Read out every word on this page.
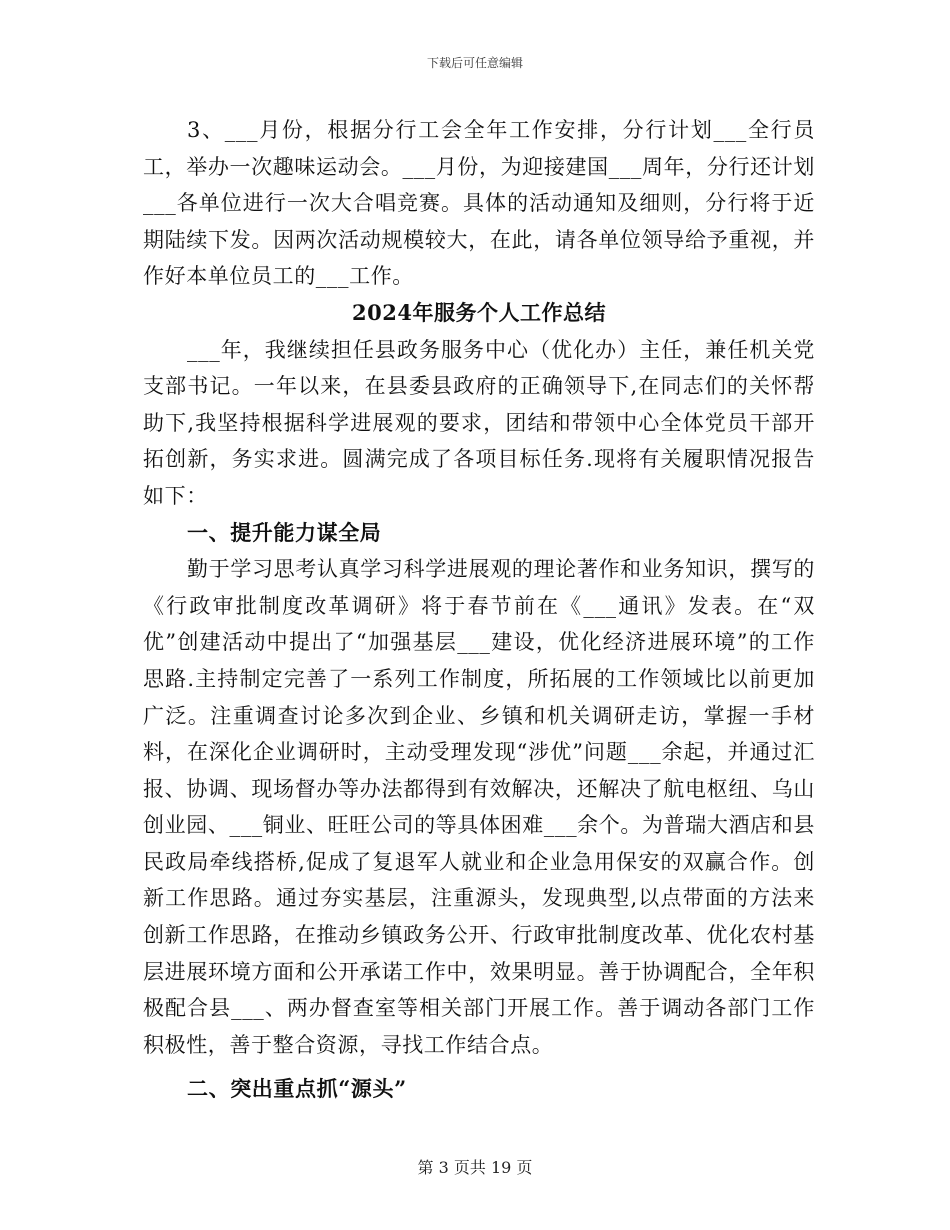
下载后可任意编辑

3、___月份，根据分行工会全年工作安排，分行计划___全行员工，举办一次趣味运动会。___月份，为迎接建国___周年，分行还计划___各单位进行一次大合唱竞赛。具体的活动通知及细则，分行将于近期陆续下发。因两次活动规模较大，在此，请各单位领导给予重视，并作好本单位员工的___工作。

2024年服务个人工作总结

___年，我继续担任县政务服务中心（优化办）主任，兼任机关党支部书记。一年以来，在县委县政府的正确领导下,在同志们的关怀帮助下,我坚持根据科学进展观的要求，团结和带领中心全体党员干部开拓创新，务实求进。圆满完成了各项目标任务.现将有关履职情况报告如下：

一、提升能力谋全局

勤于学习思考认真学习科学进展观的理论著作和业务知识，撰写的《行政审批制度改革调研》将于春节前在《___通讯》发表。在“双优”创建活动中提出了“加强基层___建设，优化经济进展环境”的工作思路.主持制定完善了一系列工作制度，所拓展的工作领域比以前更加广泛。注重调查讨论多次到企业、乡镇和机关调研走访，掌握一手材料，在深化企业调研时，主动受理发现“涉优”问题___余起，并通过汇报、协调、现场督办等办法都得到有效解决，还解决了航电枢纽、乌山创业园、___铜业、旺旺公司的等具体困难___余个。为普瑞大酒店和县民政局牵线搭桥,促成了复退军人就业和企业急用保安的双赢合作。创新工作思路。通过夯实基层，注重源头，发现典型,以点带面的方法来创新工作思路，在推动乡镇政务公开、行政审批制度改革、优化农村基层进展环境方面和公开承诺工作中，效果明显。善于协调配合，全年积极配合县___、两办督查室等相关部门开展工作。善于调动各部门工作积极性，善于整合资源，寻找工作结合点。

二、突出重点抓“源头”
第 3 页共 19 页
